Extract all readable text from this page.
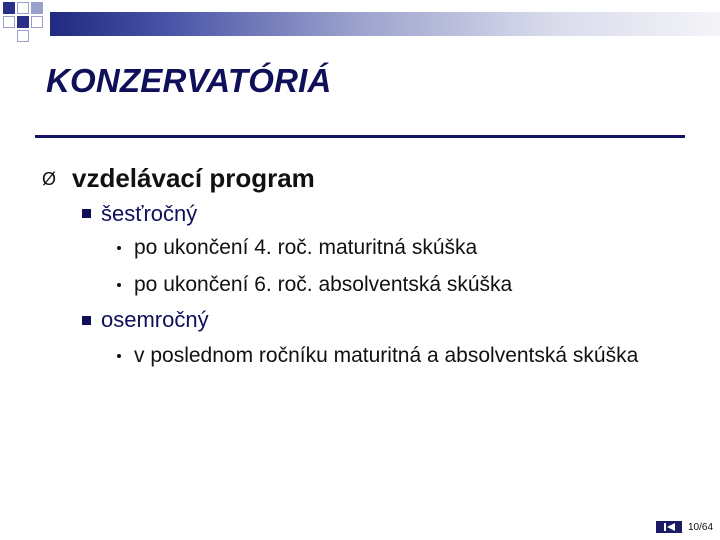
KONZERVATÓRIÁ
Ø vzdelávací program
šesťročný
po ukončení 4. roč. maturitná skúška
po ukončení 6. roč. absolventská skúška
osemročný
v poslednom ročníku maturitná a absolventská skúška
10/64
